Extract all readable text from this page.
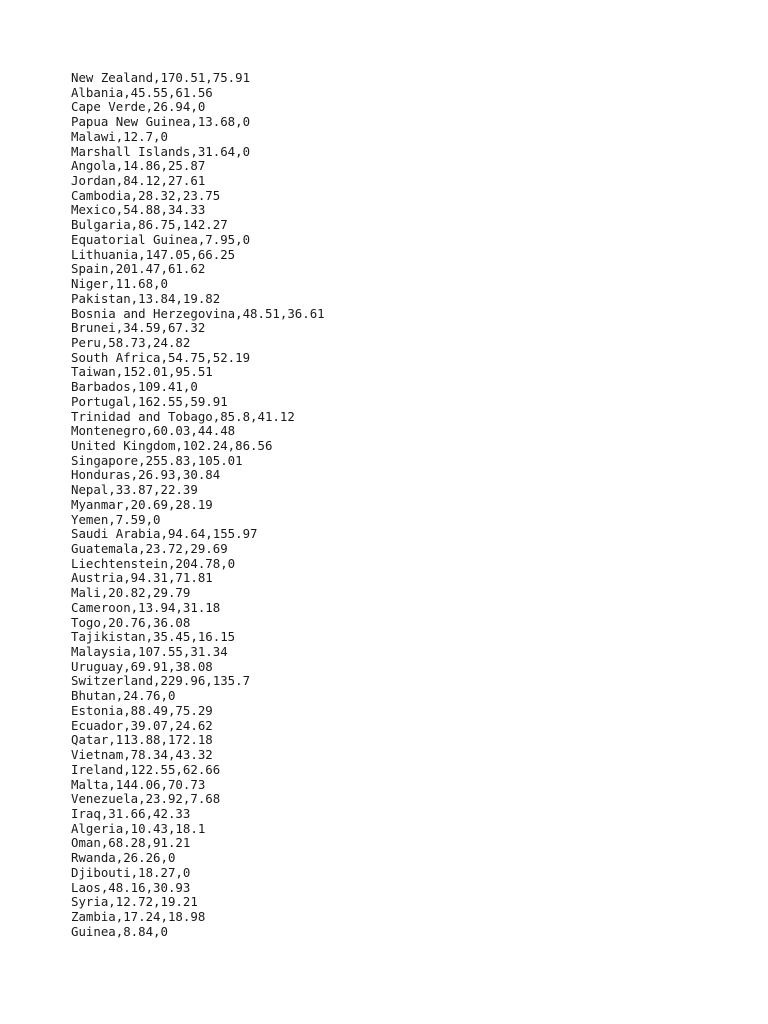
New Zealand,170.51,75.91
Albania,45.55,61.56
Cape Verde,26.94,0
Papua New Guinea,13.68,0
Malawi,12.7,0
Marshall Islands,31.64,0
Angola,14.86,25.87
Jordan,84.12,27.61
Cambodia,28.32,23.75
Mexico,54.88,34.33
Bulgaria,86.75,142.27
Equatorial Guinea,7.95,0
Lithuania,147.05,66.25
Spain,201.47,61.62
Niger,11.68,0
Pakistan,13.84,19.82
Bosnia and Herzegovina,48.51,36.61
Brunei,34.59,67.32
Peru,58.73,24.82
South Africa,54.75,52.19
Taiwan,152.01,95.51
Barbados,109.41,0
Portugal,162.55,59.91
Trinidad and Tobago,85.8,41.12
Montenegro,60.03,44.48
United Kingdom,102.24,86.56
Singapore,255.83,105.01
Honduras,26.93,30.84
Nepal,33.87,22.39
Myanmar,20.69,28.19
Yemen,7.59,0
Saudi Arabia,94.64,155.97
Guatemala,23.72,29.69
Liechtenstein,204.78,0
Austria,94.31,71.81
Mali,20.82,29.79
Cameroon,13.94,31.18
Togo,20.76,36.08
Tajikistan,35.45,16.15
Malaysia,107.55,31.34
Uruguay,69.91,38.08
Switzerland,229.96,135.7
Bhutan,24.76,0
Estonia,88.49,75.29
Ecuador,39.07,24.62
Qatar,113.88,172.18
Vietnam,78.34,43.32
Ireland,122.55,62.66
Malta,144.06,70.73
Venezuela,23.92,7.68
Iraq,31.66,42.33
Algeria,10.43,18.1
Oman,68.28,91.21
Rwanda,26.26,0
Djibouti,18.27,0
Laos,48.16,30.93
Syria,12.72,19.21
Zambia,17.24,18.98
Guinea,8.84,0
